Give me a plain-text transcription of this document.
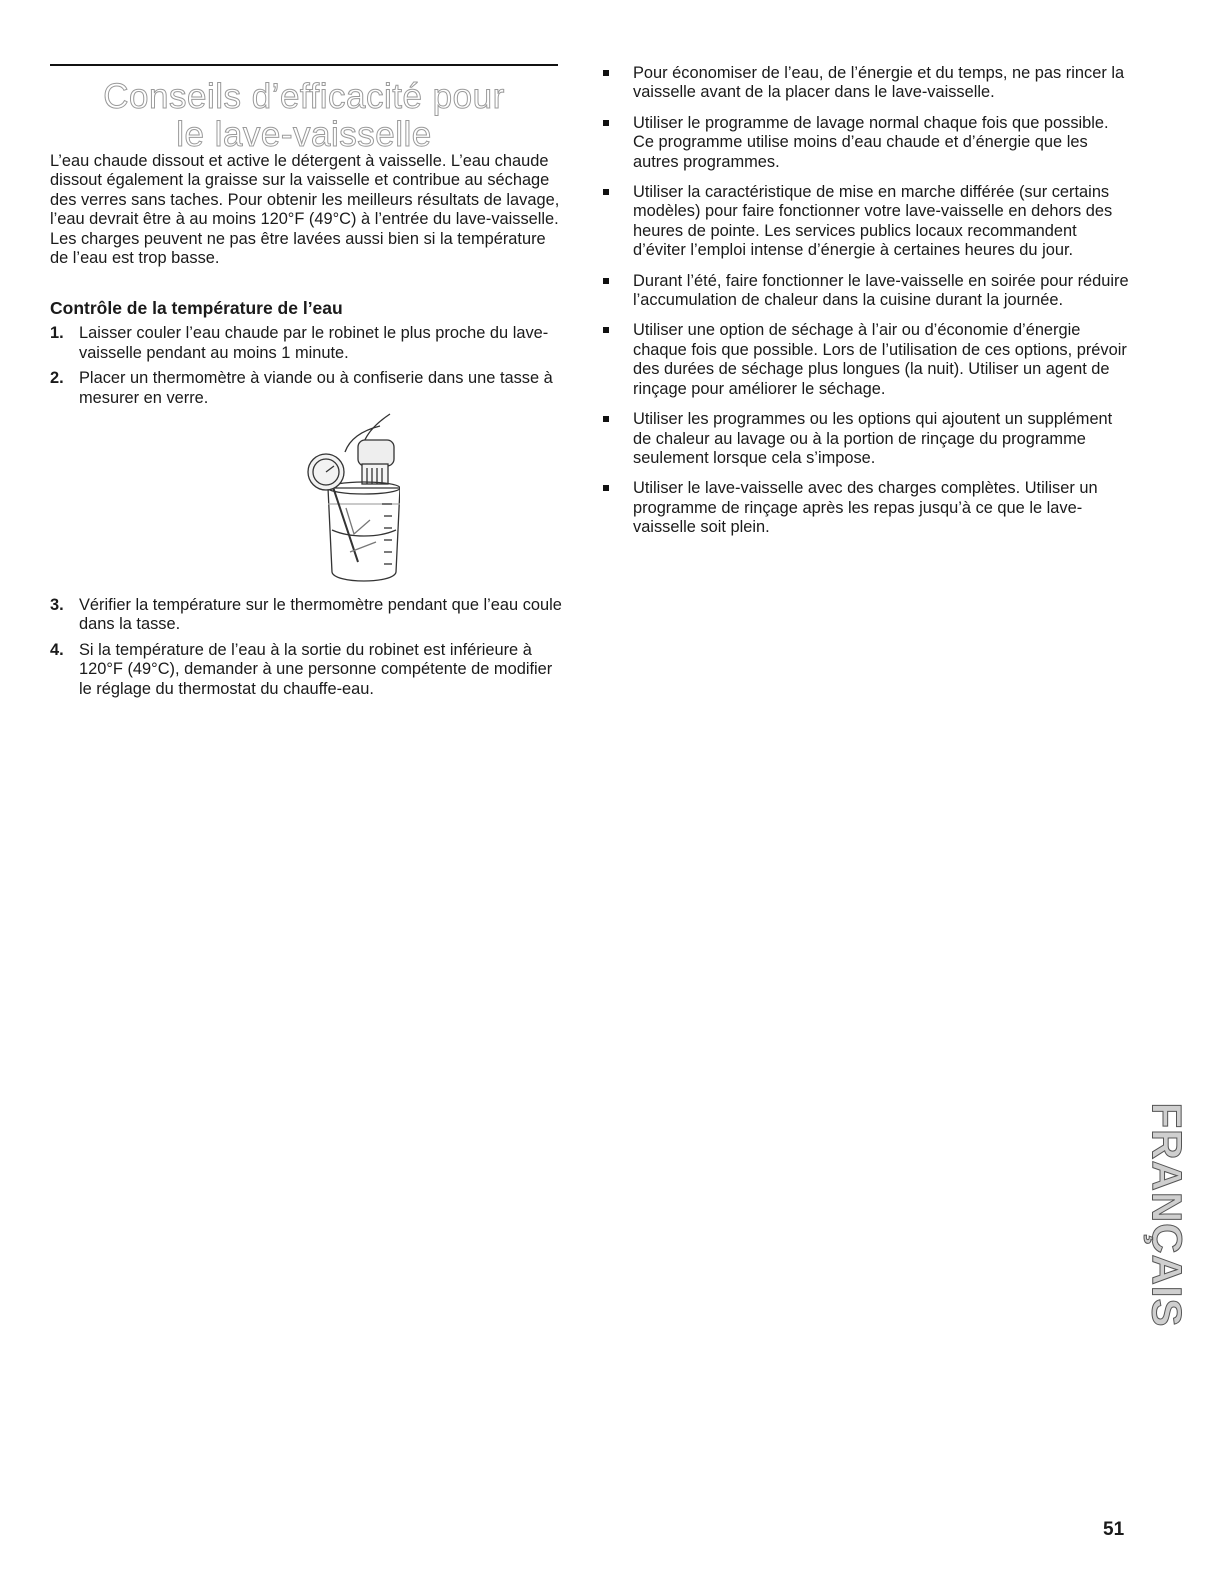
Conseils d’efficacité pour
le lave-vaisselle

L’eau chaude dissout et active le détergent à vaisselle. L’eau chaude dissout également la graisse sur la vaisselle et contribue au séchage des verres sans taches. Pour obtenir les meilleurs résultats de lavage, l’eau devrait être à au moins 120°F (49°C) à l’entrée du lave-vaisselle. Les charges peuvent ne pas être lavées aussi bien si la température de l’eau est trop basse.

Contrôle de la température de l’eau

1. Laisser couler l’eau chaude par le robinet le plus proche du lave-vaisselle pendant au moins 1 minute.
2. Placer un thermomètre à viande ou à confiserie dans une tasse à mesurer en verre.
3. Vérifier la température sur le thermomètre pendant que l’eau coule dans la tasse.
4. Si la température de l’eau à la sortie du robinet est inférieure à 120°F (49°C), demander à une personne compétente de modifier le réglage du thermostat du chauffe-eau.
Pour économiser de l’eau, de l’énergie et du temps, ne pas rincer la vaisselle avant de la placer dans le lave-vaisselle.
Utiliser le programme de lavage normal chaque fois que possible. Ce programme utilise moins d’eau chaude et d’énergie que les autres programmes.
Utiliser la caractéristique de mise en marche différée (sur certains modèles) pour faire fonctionner votre lave-vaisselle en dehors des heures de pointe. Les services publics locaux recommandent d’éviter l’emploi intense d’énergie à certaines heures du jour.
Durant l’été, faire fonctionner le lave-vaisselle en soirée pour réduire l’accumulation de chaleur dans la cuisine durant la journée.
Utiliser une option de séchage à l’air ou d’économie d’énergie chaque fois que possible. Lors de l’utilisation de ces options, prévoir des durées de séchage plus longues (la nuit). Utiliser un agent de rinçage pour améliorer le séchage.
Utiliser les programmes ou les options qui ajoutent un supplément de chaleur au lavage ou à la portion de rinçage du programme seulement lorsque cela s’impose.
Utiliser le lave-vaisselle avec des charges complètes. Utiliser un programme de rinçage après les repas jusqu’à ce que le lave-vaisselle soit plein.
FRANÇAIS
51
